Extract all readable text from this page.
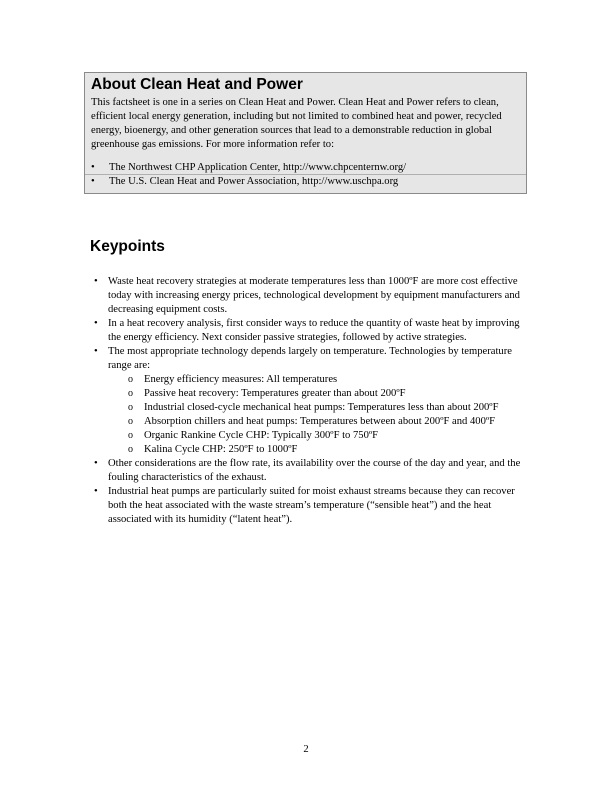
About Clean Heat and Power

This factsheet is one in a series on Clean Heat and Power. Clean Heat and Power refers to clean, efficient local energy generation, including but not limited to combined heat and power, recycled energy, bioenergy, and other generation sources that lead to a demonstrable reduction in global greenhouse gas emissions. For more information refer to:

• The Northwest CHP Application Center, http://www.chpcenternw.org/
• The U.S. Clean Heat and Power Association, http://www.uschpa.org
Keypoints
• Waste heat recovery strategies at moderate temperatures less than 1000ºF are more cost effective today with increasing energy prices, technological development by equipment manufacturers and decreasing equipment costs.
• In a heat recovery analysis, first consider ways to reduce the quantity of waste heat by improving the energy efficiency. Next consider passive strategies, followed by active strategies.
• The most appropriate technology depends largely on temperature. Technologies by temperature range are:
o Energy efficiency measures: All temperatures
o Passive heat recovery: Temperatures greater than about 200ºF
o Industrial closed-cycle mechanical heat pumps: Temperatures less than about 200ºF
o Absorption chillers and heat pumps: Temperatures between about 200ºF and 400ºF
o Organic Rankine Cycle CHP: Typically 300ºF to 750ºF
o Kalina Cycle CHP: 250ºF to 1000ºF
• Other considerations are the flow rate, its availability over the course of the day and year, and the fouling characteristics of the exhaust.
• Industrial heat pumps are particularly suited for moist exhaust streams because they can recover both the heat associated with the waste stream’s temperature (“sensible heat”) and the heat associated with its humidity (“latent heat”).
2
